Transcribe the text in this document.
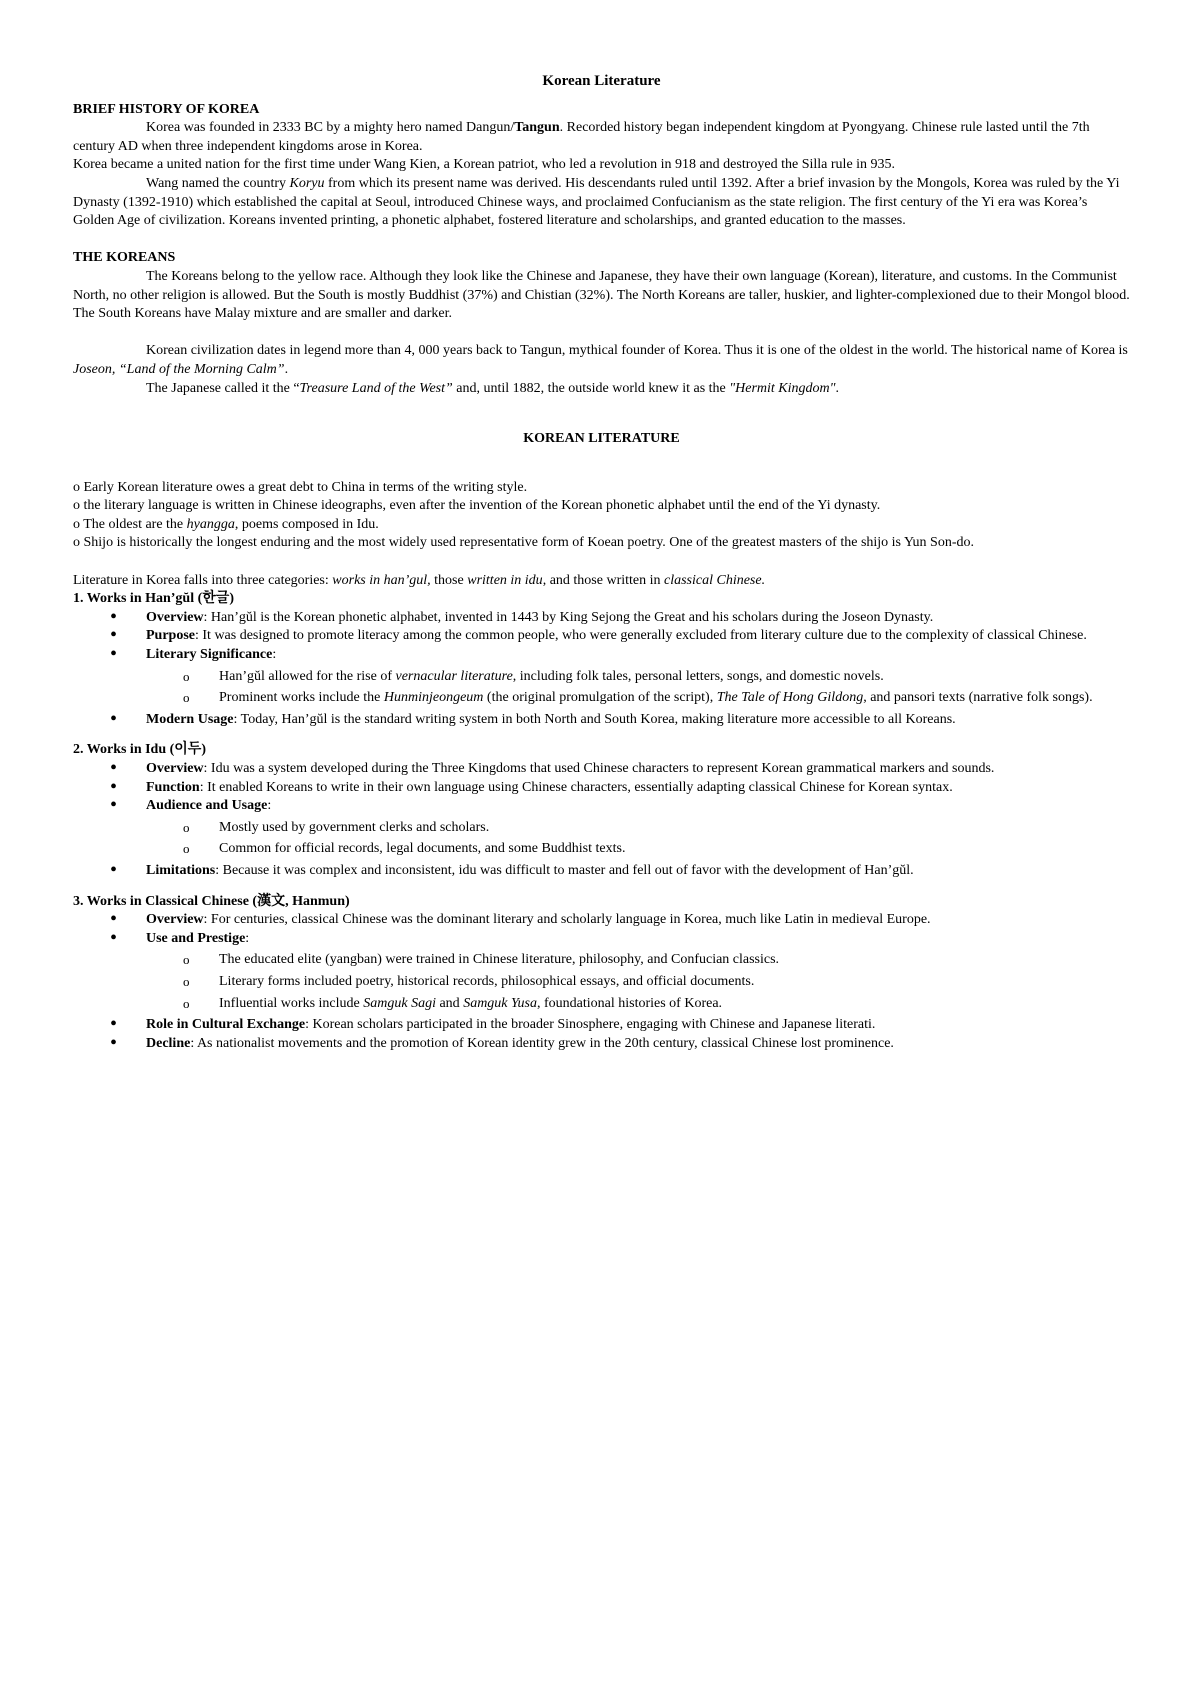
Korean Literature

BRIEF HISTORY OF KOREA

Korea was founded in 2333 BC by a mighty hero named Dangun/Tangun. Recorded history began independent kingdom at Pyongyang. Chinese rule lasted until the 7th century AD when three independent kingdoms arose in Korea.

Korea became a united nation for the first time under Wang Kien, a Korean patriot, who led a revolution in 918 and destroyed the Silla rule in 935.

Wang named the country Koryu from which its present name was derived. His descendants ruled until 1392. After a brief invasion by the Mongols, Korea was ruled by the Yi Dynasty (1392-1910) which established the capital at Seoul, introduced Chinese ways, and proclaimed Confucianism as the state religion. The first century of the Yi era was Korea’s Golden Age of civilization. Koreans invented printing, a phonetic alphabet, fostered literature and scholarships, and granted education to the masses.

THE KOREANS

The Koreans belong to the yellow race. Although they look like the Chinese and Japanese, they have their own language (Korean), literature, and customs. In the Communist North, no other religion is allowed. But the South is mostly Buddhist (37%) and Chistian (32%). The North Koreans are taller, huskier, and lighter-complexioned due to their Mongol blood. The South Koreans have Malay mixture and are smaller and darker.

Korean civilization dates in legend more than 4, 000 years back to Tangun, mythical founder of Korea. Thus it is one of the oldest in the world. The historical name of Korea is Joseon, “Land of the Morning Calm”.

The Japanese called it the “Treasure Land of the West” and, until 1882, the outside world knew it as the "Hermit Kingdom".

KOREAN LITERATURE

o Early Korean literature owes a great debt to China in terms of the writing style.

o the literary language is written in Chinese ideographs, even after the invention of the Korean phonetic alphabet until the end of the Yi dynasty.

o The oldest are the hyangga, poems composed in Idu.

o Shijo is historically the longest enduring and the most widely used representative form of Koean poetry. One of the greatest masters of the shijo is Yun Son-do.

Literature in Korea falls into three categories: works in han’gul, those written in idu, and those written in classical Chinese.

1. Works in Han’gŭl (한글)

• Overview: Han’gŭl is the Korean phonetic alphabet, invented in 1443 by King Sejong the Great and his scholars during the Joseon Dynasty.
• Purpose: It was designed to promote literacy among the common people, who were generally excluded from literary culture due to the complexity of classical Chinese.
• Literary Significance:
o Han’gŭl allowed for the rise of vernacular literature, including folk tales, personal letters, songs, and domestic novels.
o Prominent works include the Hunminjeongeum (the original promulgation of the script), The Tale of Hong Gildong, and pansori texts (narrative folk songs).
• Modern Usage: Today, Han’gŭl is the standard writing system in both North and South Korea, making literature more accessible to all Koreans.

2. Works in Idu (이두)

• Overview: Idu was a system developed during the Three Kingdoms that used Chinese characters to represent Korean grammatical markers and sounds.
• Function: It enabled Koreans to write in their own language using Chinese characters, essentially adapting classical Chinese for Korean syntax.
• Audience and Usage:
o Mostly used by government clerks and scholars.
o Common for official records, legal documents, and some Buddhist texts.
• Limitations: Because it was complex and inconsistent, idu was difficult to master and fell out of favor with the development of Han’gŭl.

3. Works in Classical Chinese (漢文, Hanmun)

• Overview: For centuries, classical Chinese was the dominant literary and scholarly language in Korea, much like Latin in medieval Europe.
• Use and Prestige:
o The educated elite (yangban) were trained in Chinese literature, philosophy, and Confucian classics.
o Literary forms included poetry, historical records, philosophical essays, and official documents.
o Influential works include Samguk Sagi and Samguk Yusa, foundational histories of Korea.
• Role in Cultural Exchange: Korean scholars participated in the broader Sinosphere, engaging with Chinese and Japanese literati.
• Decline: As nationalist movements and the promotion of Korean identity grew in the 20th century, classical Chinese lost prominence.
